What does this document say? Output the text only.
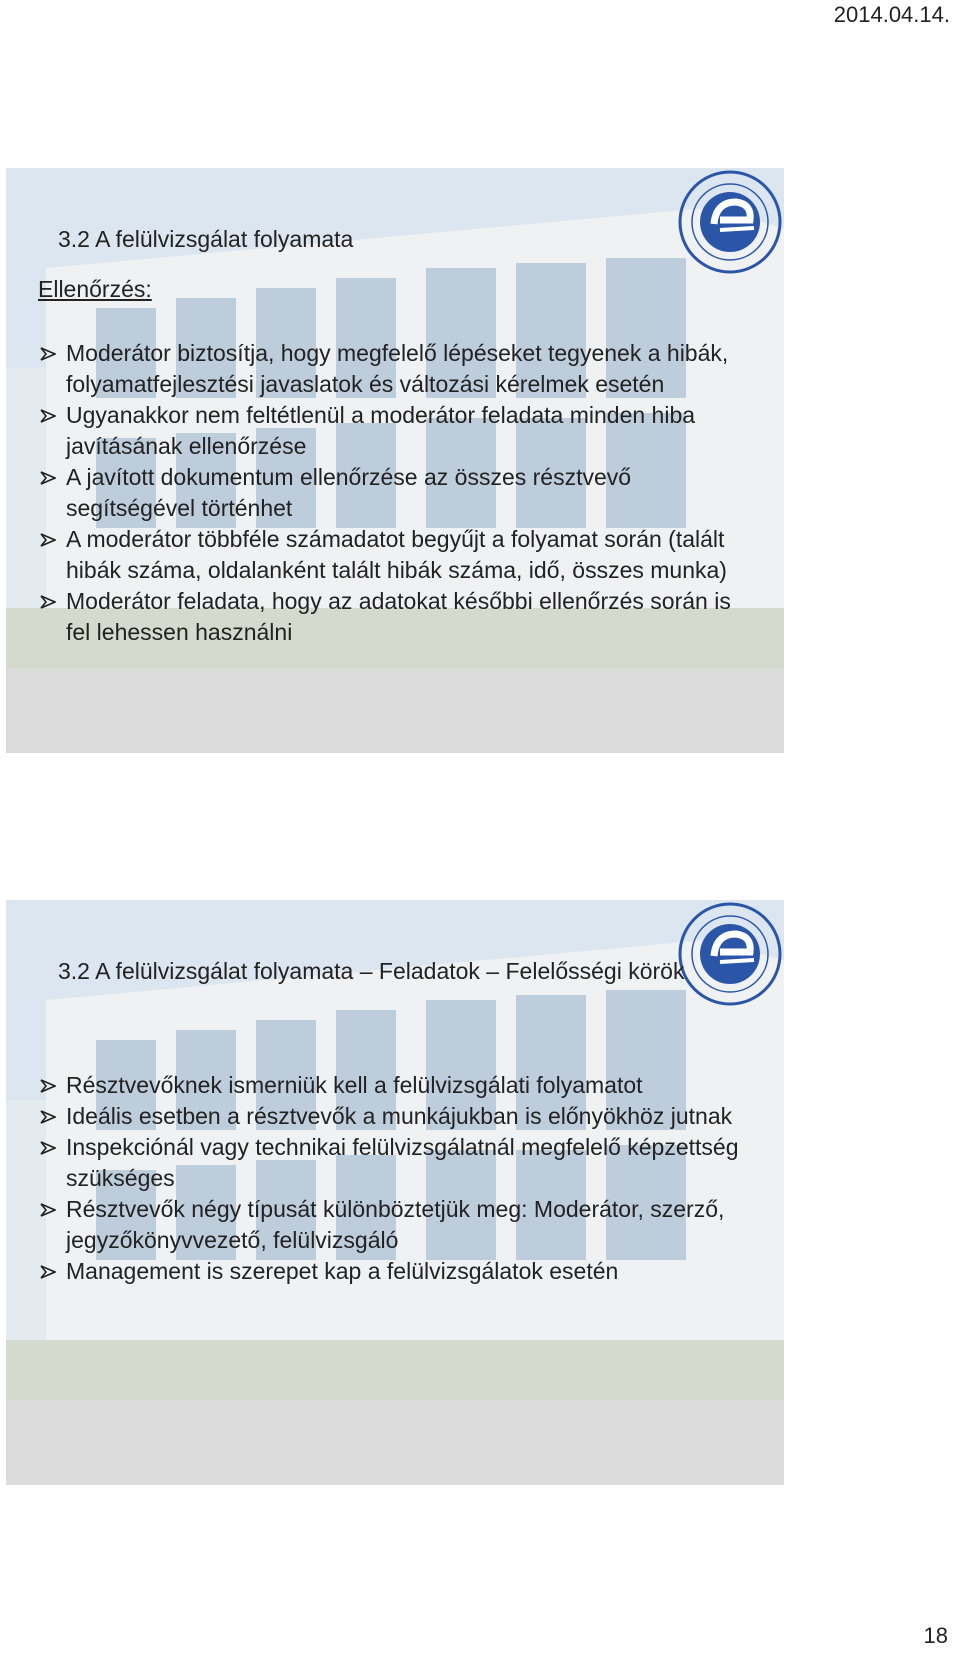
2014.04.14.
3.2 A felülvizsgálat folyamata
Ellenőrzés:
Moderátor biztosítja, hogy megfelelő lépéseket tegyenek a hibák, folyamatfejlesztési javaslatok és változási kérelmek esetén
Ugyanakkor nem feltétlenül a moderátor feladata minden hiba javításának ellenőrzése
A javított dokumentum ellenőrzése az összes résztvevő segítségével történhet
A moderátor többféle számadatot begyűjt a folyamat során (talált hibák száma, oldalanként talált hibák száma, idő, összes munka)
Moderátor feladata, hogy az adatokat későbbi ellenőrzés során is fel lehessen használni
3.2 A felülvizsgálat folyamata – Feladatok – Felelősségi körök
Résztvevőknek ismerniük kell a felülvizsgálati folyamatot
Ideális esetben a résztvevők a munkájukban is előnyökhöz jutnak
Inspekciónál vagy technikai felülvizsgálatnál megfelelő képzettség szükséges
Résztvevők négy típusát különböztetjük meg: Moderátor, szerző, jegyzőkönyvvezető, felülvizsgáló
Management is szerepet kap a felülvizsgálatok esetén
18
